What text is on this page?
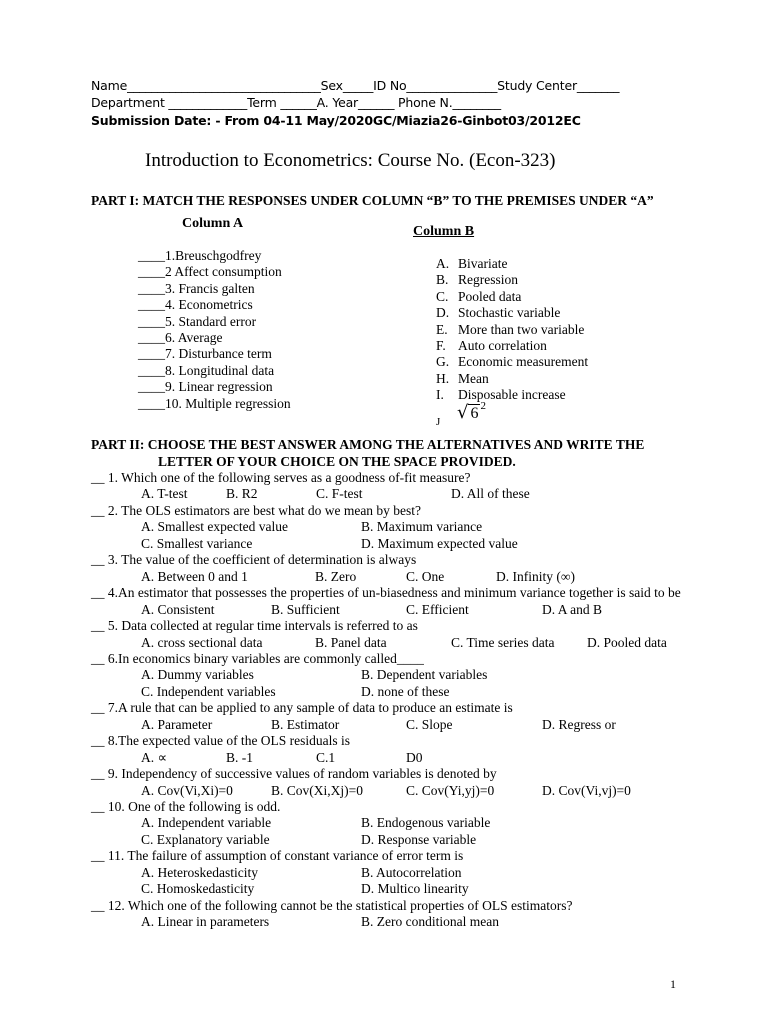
Name________________________________Sex_____ID No_______________Study Center_______
Department _____________Term ______A. Year______ Phone N.________
Submission Date: - From 04-11 May/2020GC/Miazia26-Ginbot03/2012EC
Introduction to Econometrics: Course No. (Econ-323)
PART I: MATCH THE RESPONSES UNDER COLUMN “B” TO THE PREMISES UNDER “A”
Column A
Column B
____1.Breuschgodfrey
____2 Affect consumption
____3. Francis galten
____4. Econometrics
____5. Standard error
____6. Average
____7. Disturbance term
____8. Longitudinal data
____9. Linear regression
____10. Multiple regression
A. Bivariate
B. Regression
C. Pooled data
D. Stochastic variable
E. More than two variable
F. Auto correlation
G. Economic measurement
H. Mean
I. Disposable increase
J √ 6 $^2$
PART II: CHOOSE THE BEST ANSWER AMONG THE ALTERNATIVES AND WRITE THE
LETTER OF YOUR CHOICE ON THE SPACE PROVIDED.
__ 1. Which one of the following serves as a goodness of-fit measure?
A. T-test	B. R2	C. F-test	D. All of these
__ 2. The OLS estimators are best what do we mean by best?
A. Smallest expected value	B. Maximum variance
C. Smallest variance	D. Maximum expected value
__ 3. The value of the coefficient of determination is always
A. Between 0 and 1	B. Zero	C. One	D. Infinity (∞)
__ 4.An estimator that possesses the properties of un-biasedness and minimum variance together is said to be
A. Consistent	B. Sufficient	C. Efficient	D. A and B
__ 5. Data collected at regular time intervals is referred to as
A. cross sectional data	B. Panel data	C. Time series data D. Pooled data
__ 6.In economics binary variables are commonly called____
A. Dummy variables	B. Dependent variables
C. Independent variables	D. none of these
__ 7.A rule that can be applied to any sample of data to produce an estimate is
A. Parameter	B. Estimator	C. Slope	D. Regress or
__ 8.The expected value of the OLS residuals is
A. ∝	B. -1	C.1	D0
__ 9. Independency of successive values of random variables is denoted by
A. Cov(Vi,Xi)=0	B. Cov(Xi,Xj)=0	C. Cov(Yi,yj)=0	D. Cov(Vi,vj)=0
__ 10. One of the following is odd.
A. Independent variable	B. Endogenous variable
C. Explanatory variable	D. Response variable
__ 11. The failure of assumption of constant variance of error term is
A. Heteroskedasticity	B. Autocorrelation
C. Homoskedasticity	D. Multico linearity
__ 12. Which one of the following cannot be the statistical properties of OLS estimators?
A. Linear in parameters	B. Zero conditional mean
1
